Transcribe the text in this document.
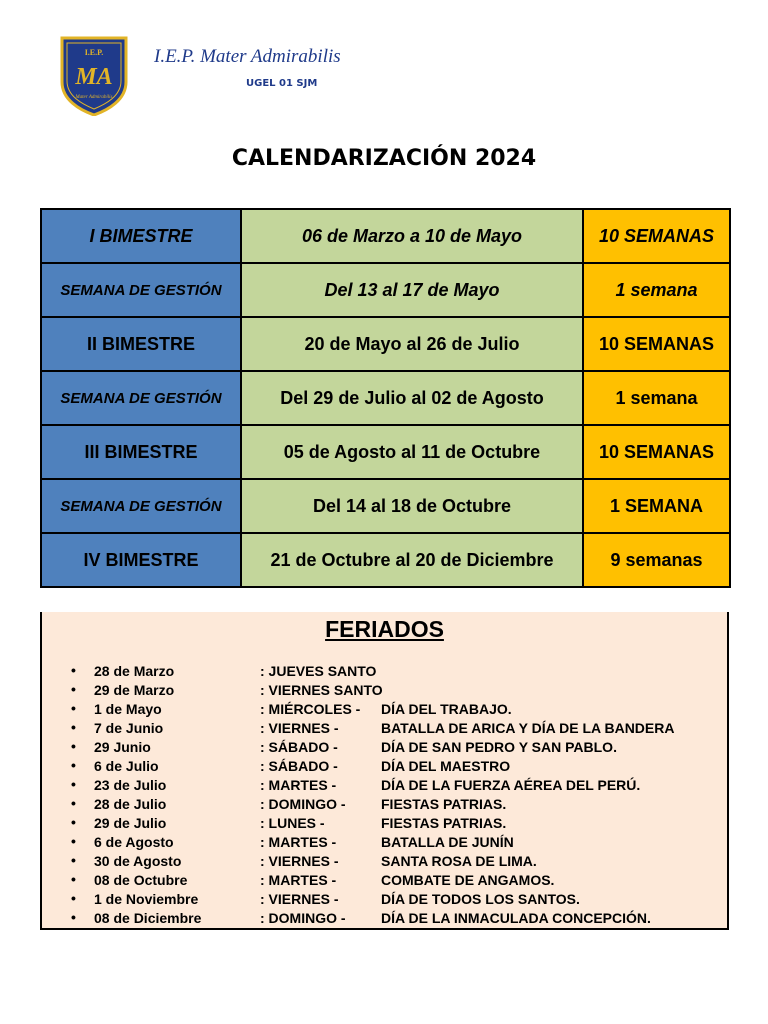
I.E.P.
MA
Mater Admirabilis
I.E.P. Mater Admirabilis
UGEL 01 SJM
CALENDARIZACIÓN 2024
I BIMESTRE	06 de Marzo a 10 de Mayo	10 SEMANAS
SEMANA DE GESTIÓN	Del 13 al 17 de Mayo	1 semana
II BIMESTRE	20 de Mayo al 26 de Julio	10 SEMANAS
SEMANA DE GESTIÓN	Del 29 de Julio al 02 de Agosto	1 semana
III BIMESTRE	05 de Agosto al 11 de Octubre	10 SEMANAS
SEMANA DE GESTIÓN	Del 14 al 18 de Octubre	1 SEMANA
IV BIMESTRE	21 de Octubre al 20 de Diciembre	9 semanas
FERIADOS
• 28 de Marzo	: JUEVES SANTO
• 29 de Marzo	: VIERNES SANTO
• 1 de Mayo	: MIÉRCOLES - DÍA DEL TRABAJO.
• 7 de Junio	: VIERNES -	BATALLA DE ARICA Y DÍA DE LA BANDERA
• 29 Junio	: SÁBADO -	DÍA DE SAN PEDRO Y SAN PABLO.
• 6 de Julio	: SÁBADO -	DÍA DEL MAESTRO
• 23 de Julio	: MARTES -	DÍA DE LA FUERZA AÉREA DEL PERÚ.
• 28 de Julio	: DOMINGO -	FIESTAS PATRIAS.
• 29 de Julio	: LUNES -	FIESTAS PATRIAS.
• 6 de Agosto	: MARTES -	BATALLA DE JUNÍN
• 30 de Agosto	: VIERNES -	SANTA ROSA DE LIMA.
• 08 de Octubre	: MARTES -	COMBATE DE ANGAMOS.
• 1 de Noviembre	: VIERNES -	DÍA DE TODOS LOS SANTOS.
• 08 de Diciembre	: DOMINGO -	DÍA DE LA INMACULADA CONCEPCIÓN.
